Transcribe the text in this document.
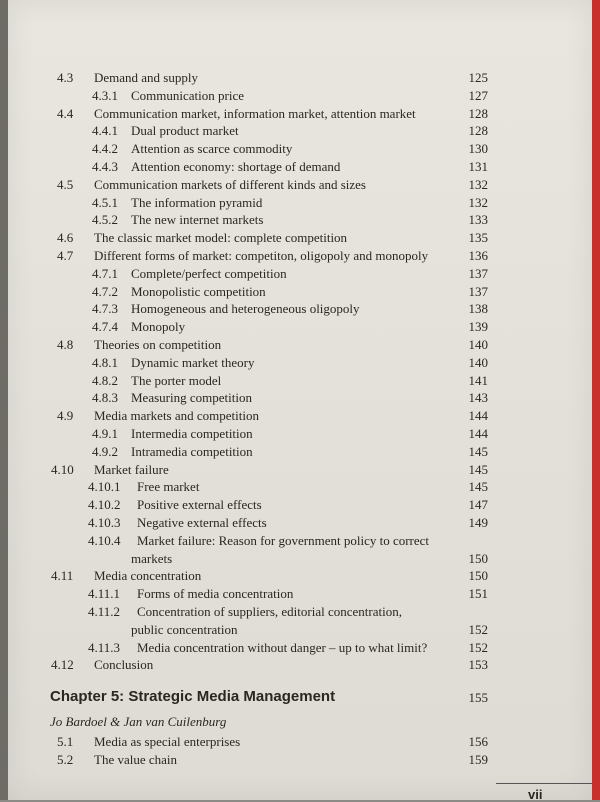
4.3 Demand and supply	125
4.3.1 Communication price	127
4.4 Communication market, information market, attention market	128
4.4.1 Dual product market	128
4.4.2 Attention as scarce commodity	130
4.4.3 Attention economy: shortage of demand	131
4.5 Communication markets of different kinds and sizes	132
4.5.1 The information pyramid	132
4.5.2 The new internet markets	133
4.6 The classic market model: complete competition	135
4.7 Different forms of market: competiton, oligopoly and monopoly	136
4.7.1 Complete/perfect competition	137
4.7.2 Monopolistic competition	137
4.7.3 Homogeneous and heterogeneous oligopoly	138
4.7.4 Monopoly	139
4.8 Theories on competition	140
4.8.1 Dynamic market theory	140
4.8.2 The porter model	141
4.8.3 Measuring competition	143
4.9 Media markets and competition	144
4.9.1 Intermedia competition	144
4.9.2 Intramedia competition	145
4.10 Market failure	145
4.10.1 Free market	145
4.10.2 Positive external effects	147
4.10.3 Negative external effects	149
4.10.4 Market failure: Reason for government policy to correct
markets	150
4.11 Media concentration	150
4.11.1 Forms of media concentration	151
4.11.2 Concentration of suppliers, editorial concentration,
public concentration	152
4.11.3 Media concentration without danger – up to what limit?	152
4.12 Conclusion	153
Chapter 5: Strategic Media Management	155
Jo Bardoel & Jan van Cuilenburg
5.1 Media as special enterprises	156
5.2 The value chain	159
vii
